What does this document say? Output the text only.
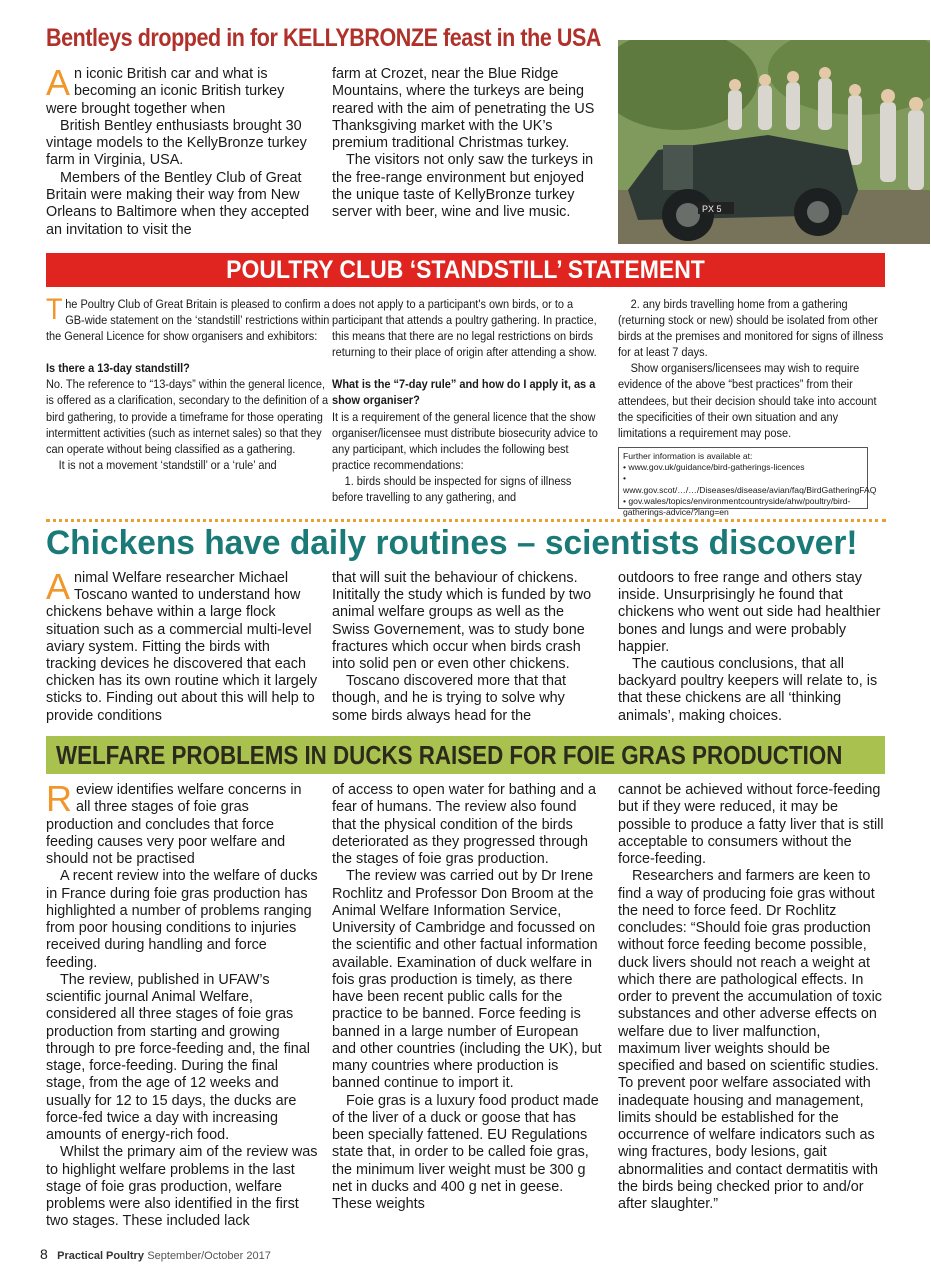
Bentleys dropped in for KELLYBRONZE feast in the USA

An iconic British car and what is becoming an iconic British turkey were brought together when

British Bentley enthusiasts brought 30 vintage models to the KellyBronze turkey farm in Virginia, USA.

Members of the Bentley Club of Great Britain were making their way from New Orleans to Baltimore when they accepted an invitation to visit the

farm at Crozet, near the Blue Ridge Mountains, where the turkeys are being reared with the aim of penetrating the US Thanksgiving market with the UK’s premium traditional Christmas turkey.

The visitors not only saw the turkeys in the free-range environment but enjoyed the unique taste of KellyBronze turkey server with beer, wine and live music.	PX 5
POULTRY CLUB ‘STANDSTILL’ STATEMENT

The Poultry Club of Great Britain is pleased to confirm a GB-wide statement on the ‘standstill’ restrictions within the General Licence for show organisers and exhibitors:

Is there a 13-day standstill?

No. The reference to “13-days” within the general licence, is offered as a clarification, secondary to the definition of a bird gathering, to provide a timeframe for those operating intermittent activities (such as internet sales) so that they can operate without being classified as a gathering.

It is not a movement ‘standstill’ or a ‘rule’ and

does not apply to a participant's own birds, or to a participant that attends a poultry gathering. In practice, this means that there are no legal restrictions on birds returning to their place of origin after attending a show.

What is the “7-day rule” and how do I apply it, as a show organiser?

It is a requirement of the general licence that the show organiser/licensee must distribute biosecurity advice to any participant, which includes the following best practice recommendations:

1. birds should be inspected for signs of illness before travelling to any gathering, and

2. any birds travelling home from a gathering (returning stock or new) should be isolated from other birds at the premises and monitored for signs of illness for at least 7 days.

Show organisers/licensees may wish to require evidence of the above “best practices” from their attendees, but their decision should take into account the specificities of their own situation and any limitations a requirement may pose.

Further information is available at:
• www.gov.uk/guidance/bird-gatherings-licences
• www.gov.scot/…/…/Diseases/disease/avian/faq/BirdGatheringFAQ
• gov.wales/topics/environmentcountryside/ahw/poultry/bird-gatherings-advice/?lang=en
Chickens have daily routines – scientists discover!

Animal Welfare researcher Michael Toscano wanted to understand how chickens behave within a large flock situation such as a commercial multi-level aviary system. Fitting the birds with tracking devices he discovered that each chicken has its own routine which it largely sticks to. Finding out about this will help to provide conditions

that will suit the behaviour of chickens. Inititally the study which is funded by two animal welfare groups as well as the Swiss Governement, was to study bone fractures which occur when birds crash into solid pen or even other chickens.

Toscano discovered more that that though, and he is trying to solve why some birds always head for the

outdoors to free range and others stay inside. Unsurprisingly he found that chickens who went out side had healthier bones and lungs and were probably happier.

The cautious conclusions, that all backyard poultry keepers will relate to, is that these chickens are all ‘thinking animals’, making choices.

WELFARE PROBLEMS IN DUCKS RAISED FOR FOIE GRAS PRODUCTION

Review identifies welfare concerns in all three stages of foie gras production and concludes that force feeding causes very poor welfare and should not be practised

A recent review into the welfare of ducks in France during foie gras production has highlighted a number of problems ranging from poor housing conditions to injuries received during handling and force feeding.

The review, published in UFAW’s scientific journal Animal Welfare, considered all three stages of foie gras production from starting and growing through to pre force-feeding and, the final stage, force-feeding. During the final stage, from the age of 12 weeks and usually for 12 to 15 days, the ducks are force-fed twice a day with increasing amounts of energy-rich food.

Whilst the primary aim of the review was to highlight welfare problems in the last stage of foie gras production, welfare problems were also identified in the first two stages. These included lack

of access to open water for bathing and a fear of humans. The review also found that the physical condition of the birds deteriorated as they progressed through the stages of foie gras production.

The review was carried out by Dr Irene Rochlitz and Professor Don Broom at the Animal Welfare Information Service, University of Cambridge and focussed on the scientific and other factual information available. Examination of duck welfare in fois gras production is timely, as there have been recent public calls for the practice to be banned. Force feeding is banned in a large number of European and other countries (including the UK), but many countries where production is banned continue to import it.

Foie gras is a luxury food product made of the liver of a duck or goose that has been specially fattened. EU Regulations state that, in order to be called foie gras, the minimum liver weight must be 300 g net in ducks and 400 g net in geese. These weights

cannot be achieved without force-feeding but if they were reduced, it may be possible to produce a fatty liver that is still acceptable to consumers without the force-feeding.

Researchers and farmers are keen to find a way of producing foie gras without the need to force feed. Dr Rochlitz concludes: “Should foie gras production without force feeding become possible, duck livers should not reach a weight at which there are pathological effects. In order to prevent the accumulation of toxic substances and other adverse effects on welfare due to liver malfunction, maximum liver weights should be specified and based on scientific studies. To prevent poor welfare associated with inadequate housing and management, limits should be established for the occurrence of welfare indicators such as wing fractures, body lesions, gait abnormalities and contact dermatitis with the birds being checked prior to and/or after slaughter.”

8 Practical Poultry September/October 2017
